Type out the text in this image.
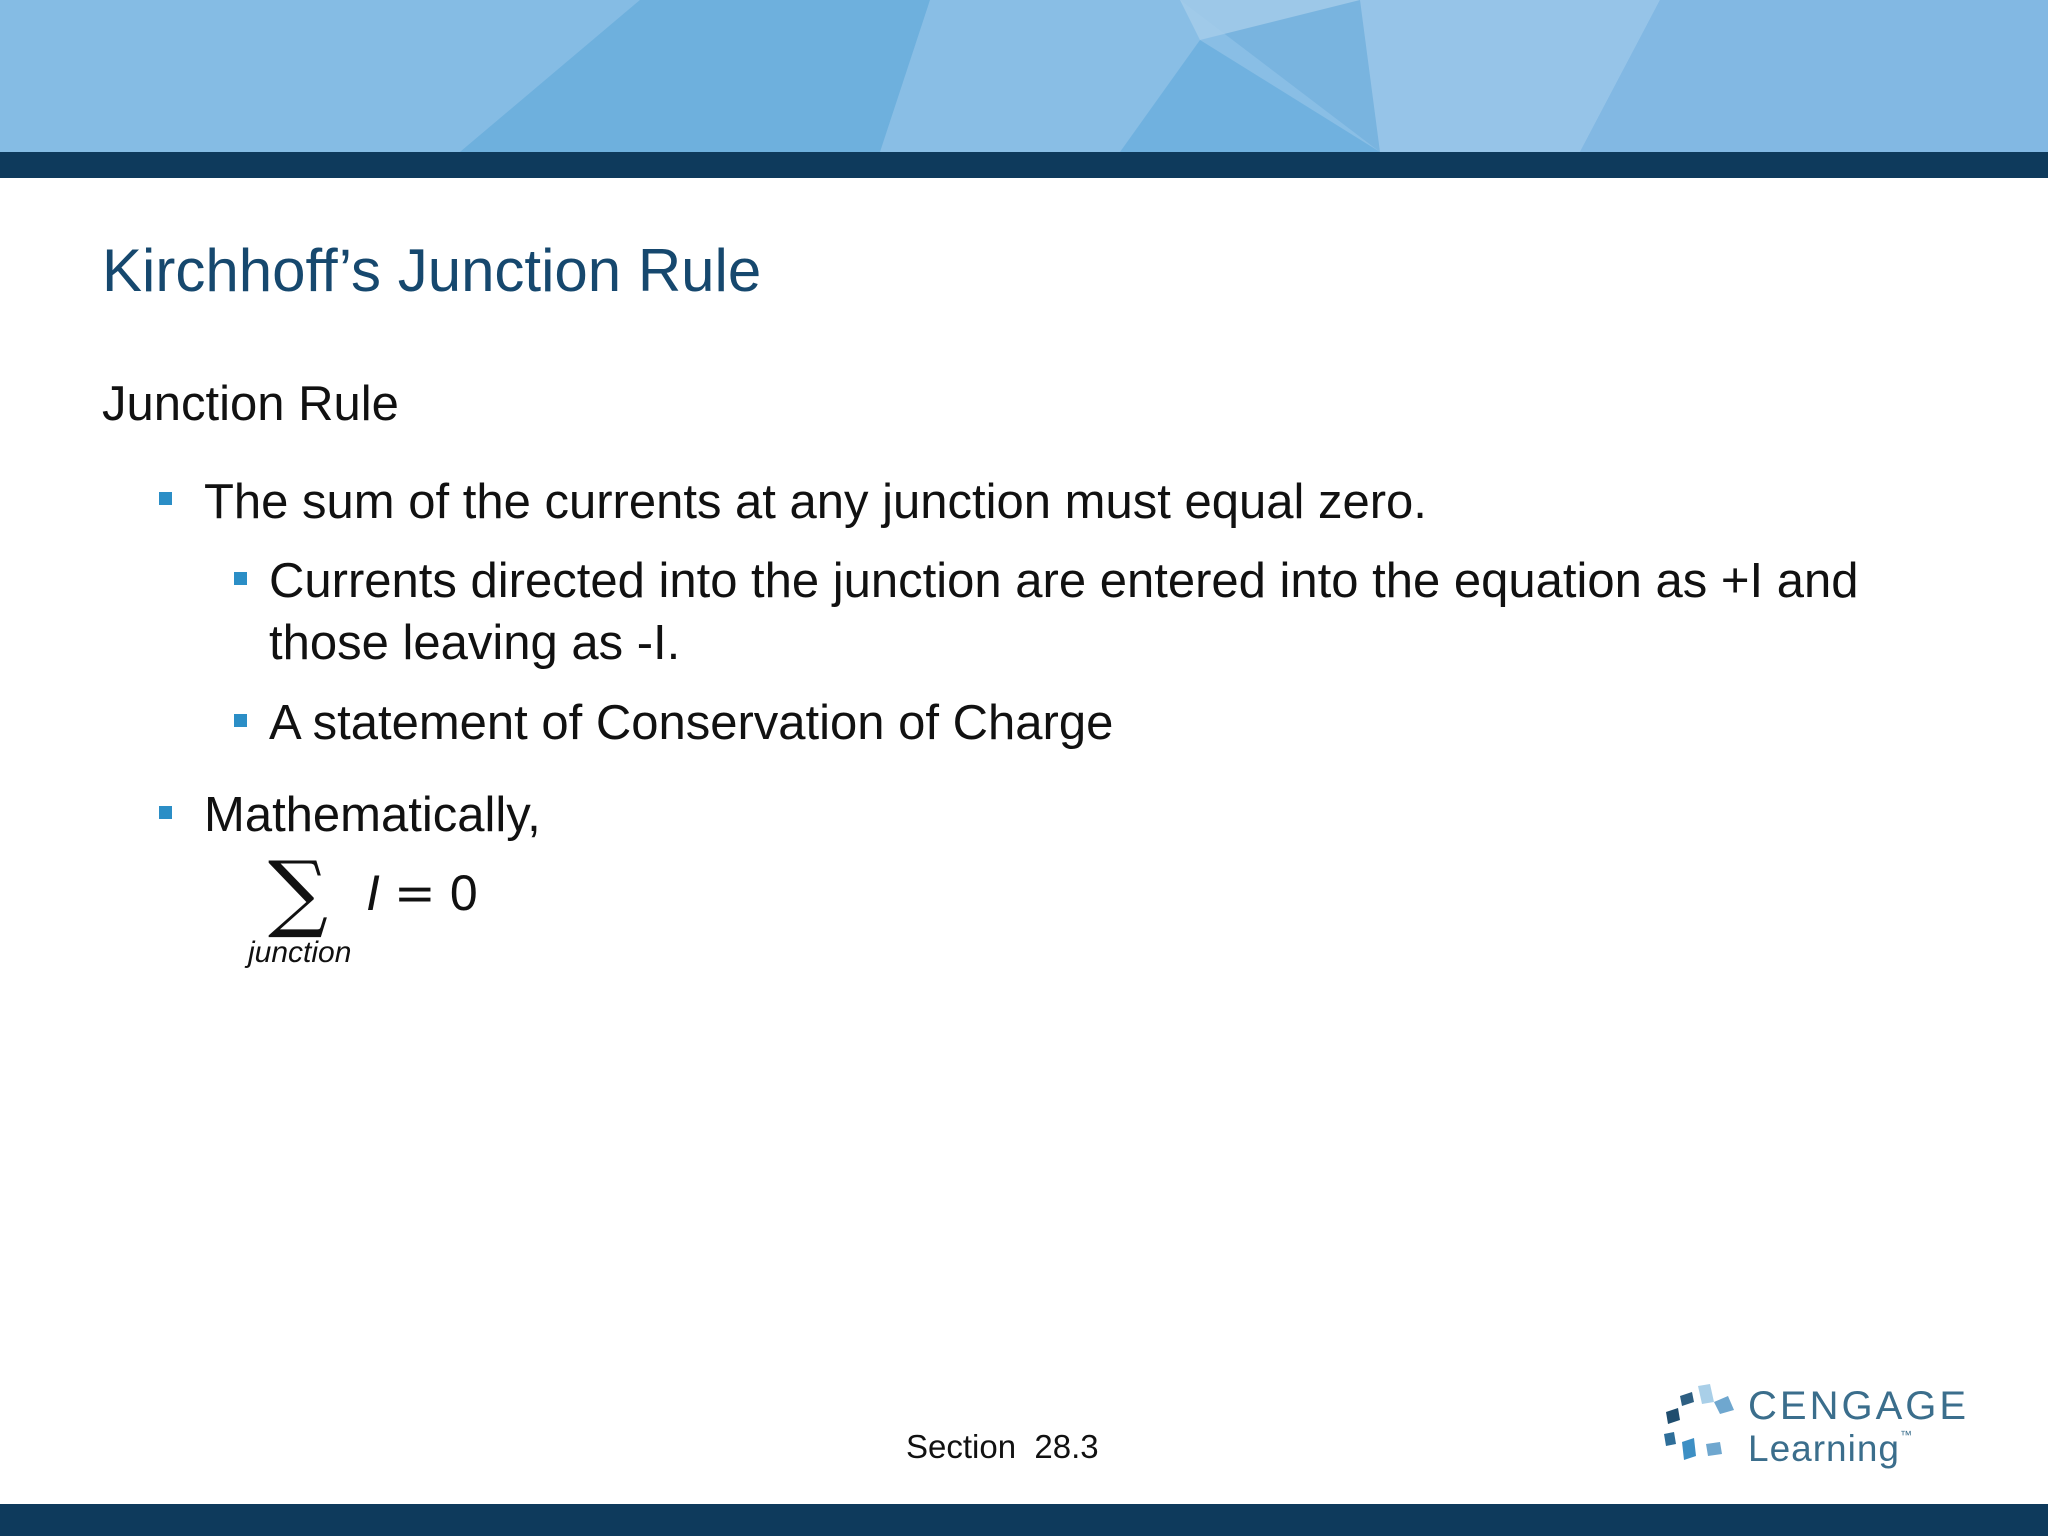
Kirchhoff’s Junction Rule
Junction Rule
The sum of the currents at any junction must equal zero.
Currents directed into the junction are entered into the equation as +I and those leaving as -I.
A statement of Conservation of Charge
Mathematically,
∑
junction
I = 0
Section  28.3
CENGAGE
Learning™
